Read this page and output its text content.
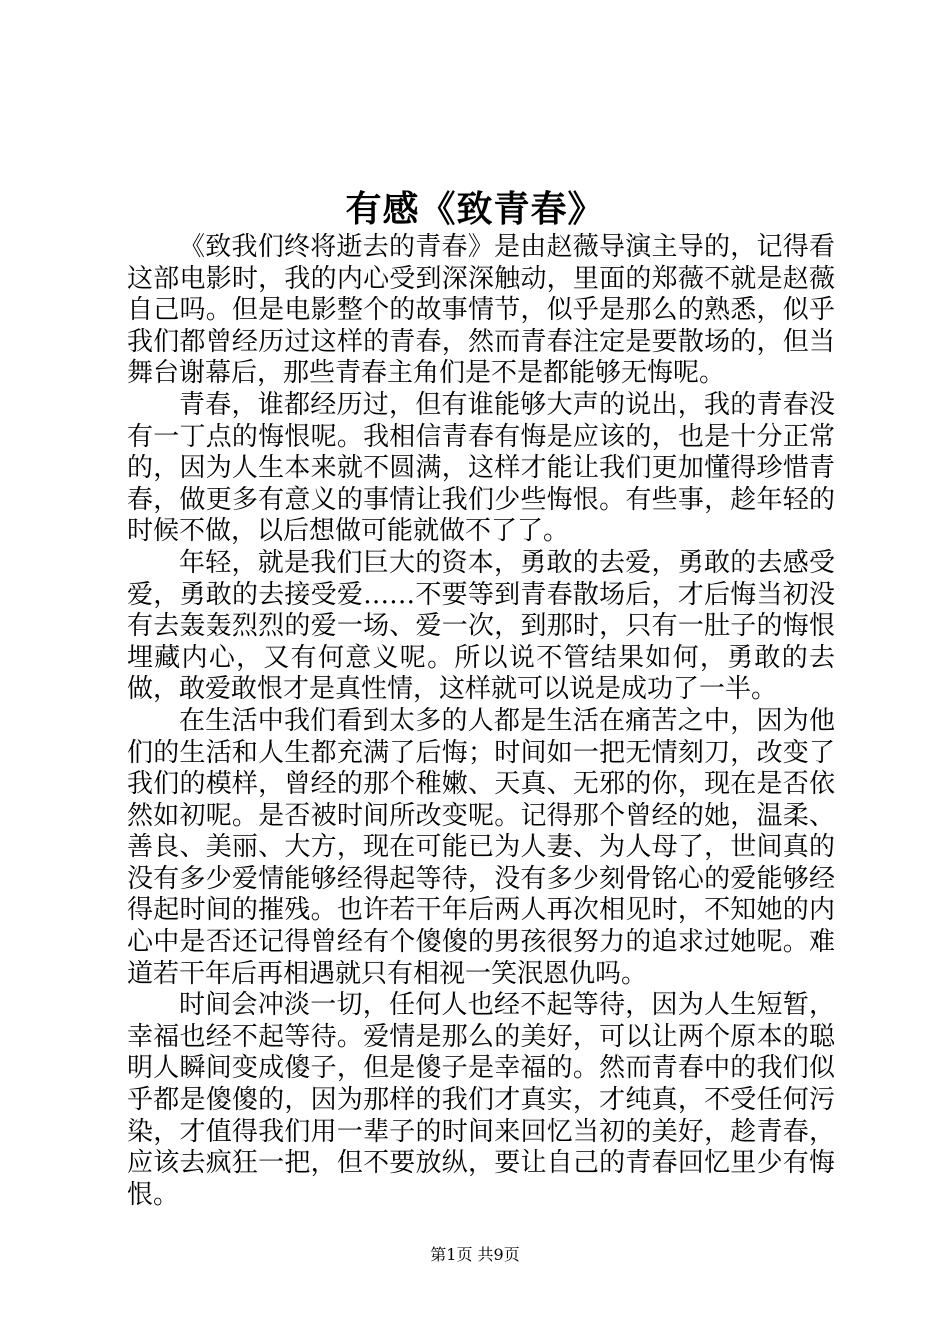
有感《致青春》

《致我们终将逝去的青春》是由赵薇导演主导的，记得看这部电影时，我的内心受到深深触动，里面的郑薇不就是赵薇自己吗。但是电影整个的故事情节，似乎是那么的熟悉，似乎我们都曾经历过这样的青春，然而青春注定是要散场的，但当舞台谢幕后，那些青春主角们是不是都能够无悔呢。

青春，谁都经历过，但有谁能够大声的说出，我的青春没有一丁点的悔恨呢。我相信青春有悔是应该的，也是十分正常的，因为人生本来就不圆满，这样才能让我们更加懂得珍惜青春，做更多有意义的事情让我们少些悔恨。有些事，趁年轻的时候不做，以后想做可能就做不了了。

年轻，就是我们巨大的资本，勇敢的去爱，勇敢的去感受爱，勇敢的去接受爱……不要等到青春散场后，才后悔当初没有去轰轰烈烈的爱一场、爱一次，到那时，只有一肚子的悔恨埋藏内心，又有何意义呢。所以说不管结果如何，勇敢的去做，敢爱敢恨才是真性情，这样就可以说是成功了一半。

在生活中我们看到太多的人都是生活在痛苦之中，因为他们的生活和人生都充满了后悔；时间如一把无情刻刀，改变了我们的模样，曾经的那个稚嫩、天真、无邪的你，现在是否依然如初呢。是否被时间所改变呢。记得那个曾经的她，温柔、善良、美丽、大方，现在可能已为人妻、为人母了，世间真的没有多少爱情能够经得起等待，没有多少刻骨铭心的爱能够经得起时间的摧残。也许若干年后两人再次相见时，不知她的内心中是否还记得曾经有个傻傻的男孩很努力的追求过她呢。难道若干年后再相遇就只有相视一笑泯恩仇吗。

时间会冲淡一切，任何人也经不起等待，因为人生短暂，幸福也经不起等待。爱情是那么的美好，可以让两个原本的聪明人瞬间变成傻子，但是傻子是幸福的。然而青春中的我们似乎都是傻傻的，因为那样的我们才真实，才纯真，不受任何污染，才值得我们用一辈子的时间来回忆当初的美好，趁青春，应该去疯狂一把，但不要放纵，要让自己的青春回忆里少有悔恨。

第1页 共9页
